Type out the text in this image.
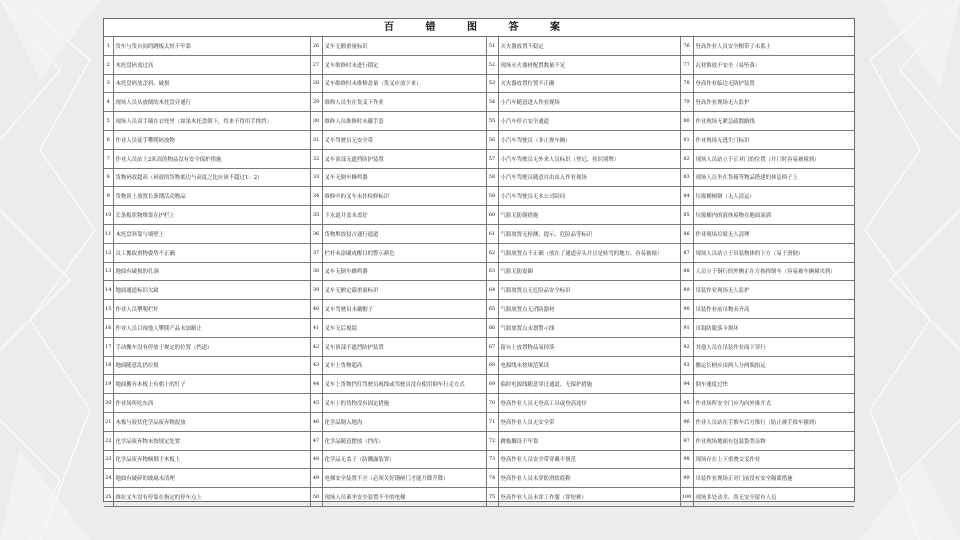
百 错 图 答 案
1	货车与货台间的跳板太短不牢靠	26	叉车无额重量标识	51	灭火器放置不稳定	76	登高作业人员安全帽带子未系上
2	木托盘码放过高	27	叉车维修时未进行锁定	52	现场灭火器材配置数量不足	77	瓦材推放不安全（易坠落）
3	木托盘码放歪斜、破损	28	叉车维修时未维修盖量（货叉应放下来）	53	灭火器放置位置不正确	78	登高作业临边无防护装置
4	现场人员从放倒的木托盘旁通行	29	维修人员坐在货叉下作业	54	小汽车随意进入作业现场	79	登高作业现场无人监护
5	现场人员双手插在衣兜里（如果木托盘倒下，将来不得用手撑挡）	30	维修人员维修时未戴手套	55	小汽车停占安全通道	80	作业现场无紧急疏散路线
6	作业人员徒手攀爬码放物	31	叉车驾驶员无安全带	56	小汽车驾驶员（非正规车辆）	81	作业现场无逃生门标识
7	作业人员站上2米高的物品没有安全保护措施	32	叉车顶部无遮挡防护装置	57	小汽车驾驶员无外来人员标识（登记、挂识别牌）	82	现场人员站立于正对门的位置（开门时容易被撞到）
8	货物码放超高（码放的货物底边与高度之比应该不超过1：2）	33	叉车无倒车蜂鸣器	58	小汽车驾驶员随意自由出入作业现场	83	现场人员坐在货箱等物品搭建的休息椅子上
9	货物顶上放置长条钢活动物品	34	维修中的叉车未挂检修标识	59	小汽车驾驶员无本公司陪同	84	垃圾桶倾倒（无人清运）
10	长条板状物堆靠在护栏上	35	下水道井盖未盖好	60	气瓶无防倒措施	85	垃圾桶内的液体废物在地面流淌
11	木托盘斜靠与墙壁上	36	货物堆放侵占通行通道	61	气瓶放置无检测、提示、危险品等标识	86	作业现场垃圾无人清理
12	员工搬取重物姿势不正确	37	栏杆未涂刷成醒目的警示颜色	62	气瓶放置点不正确（放在了通道旁头并且是转弯的地方、容易被撞）	87	现场人员站立于吊装物体的下方（易于滑倒）
13	地面有破损的孔洞	38	叉车无倒车蜂鸣器	63	气瓶无防震圈	88	人员立于铜行的外侧正在方指挥倒车（容易被车辆撞夹到）
14	地面通道标识欠缺	39	叉车无额定载重量标识	64	气瓶放置点无危险品安全标识	89	吊装作业现场无人监护
15	作业人员攀爬栏杆	40	叉车驾驶员未戴帽子	65	气瓶放置点无消防器材	90	吊装作业前吊物未齐高
16	作业人员目视他人攀爬产品未加制止	41	叉车无后视镜	66	气瓶放置点未划警示线	91	吊钩防脱落卡损坏
17	手动搬车没有停放于规定的位置（挡道）	42	叉车顶部不遮挡防护装置	67	留台上放置物品易掉落	92	其他人员在吊装作业面下穿行
18	地面随意乱扔垃圾	43	叉车上货物超高	68	电源线未按规范架设	93	搬运长柄应由两人分两端抬运
19	地面搬弃木板上有朝上的钉子	44	叉车上货物挡住驾驶员视线或驾驶员没有使用倒车行走方式	69	临时电源线随意穿过通道、无保护措施	94	倒车速度过快
20	作业场所吃东西	45	叉车上的货物没有固定措施	70	登高作业人员无登高工具或登高途径	95	作业场所安全门应为向外推开式
21	木板与液状化学品废弃物混放	46	化学品倒入地沟	71	登高作业人员无安全带	96	作业人员站在手推车后方推行（防止被手推车撞到）
22	化学品废弃物未按规定处置	47	化学品随意摆放（挡库）	72	跳板搁设不牢靠	97	作业现场地面有包装袋类杂物
23	化学品废弃物倾倒于木板上	48	化学品无盖子（防溅露装置）	73	登高作业人员安全带穿戴不规范	98	现场存在上下重叠交叉作业
24	地面有破碎的玻璃未清理	49	电梯安全装置不全（必须关好钢闸门才能升降升降）	74	登高作业人员未穿防滑软底鞋	99	吊装作业现场正对门前没有安全隔离措施
25	推拉叉车没有停靠在指定的停车点上	50	现场人员乘坐安全装置不全的电梯	75	登高作业人员未穿工作服（穿短裤）	100	现场多处动幸、尚无安全留有人员
